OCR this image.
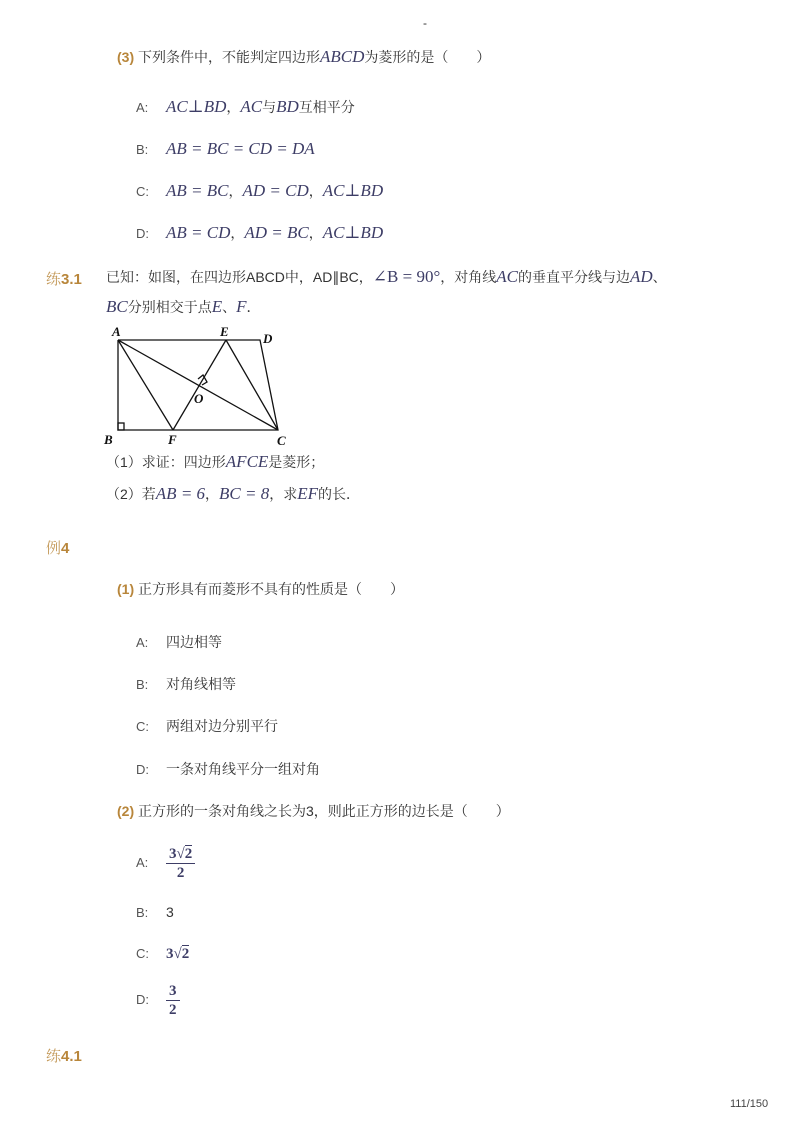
-
(3) 下列条件中，不能判定四边形ABCD为菱形的是（　　）
A: AC⊥BD，AC与BD互相平分
B: AB = BC = CD = DA
C: AB = BC，AD = CD，AC⊥BD
D: AB = CD，AD = BC，AC⊥BD
练3.1 已知：如图，在四边形ABCD中，AD∥BC，∠B = 90°，对角线AC的垂直平分线与边AD、
BC分别相交于点E、F．
A	E	D
O
B	F	C
（1）求证：四边形AFCE是菱形；
（2）若AB = 6，BC = 8，求EF的长．
例4
(1) 正方形具有而菱形不具有的性质是（　　）
A: 四边相等
B: 对角线相等
C: 两组对边分别平行
D: 一条对角线平分一组对角
(2) 正方形的一条对角线之长为3，则此正方形的边长是（　　）
A: $\frac{3√2}{2}$
B: 3
C: 3 √ 2
D: $\frac{3}{2}$
练4.1
111/150
